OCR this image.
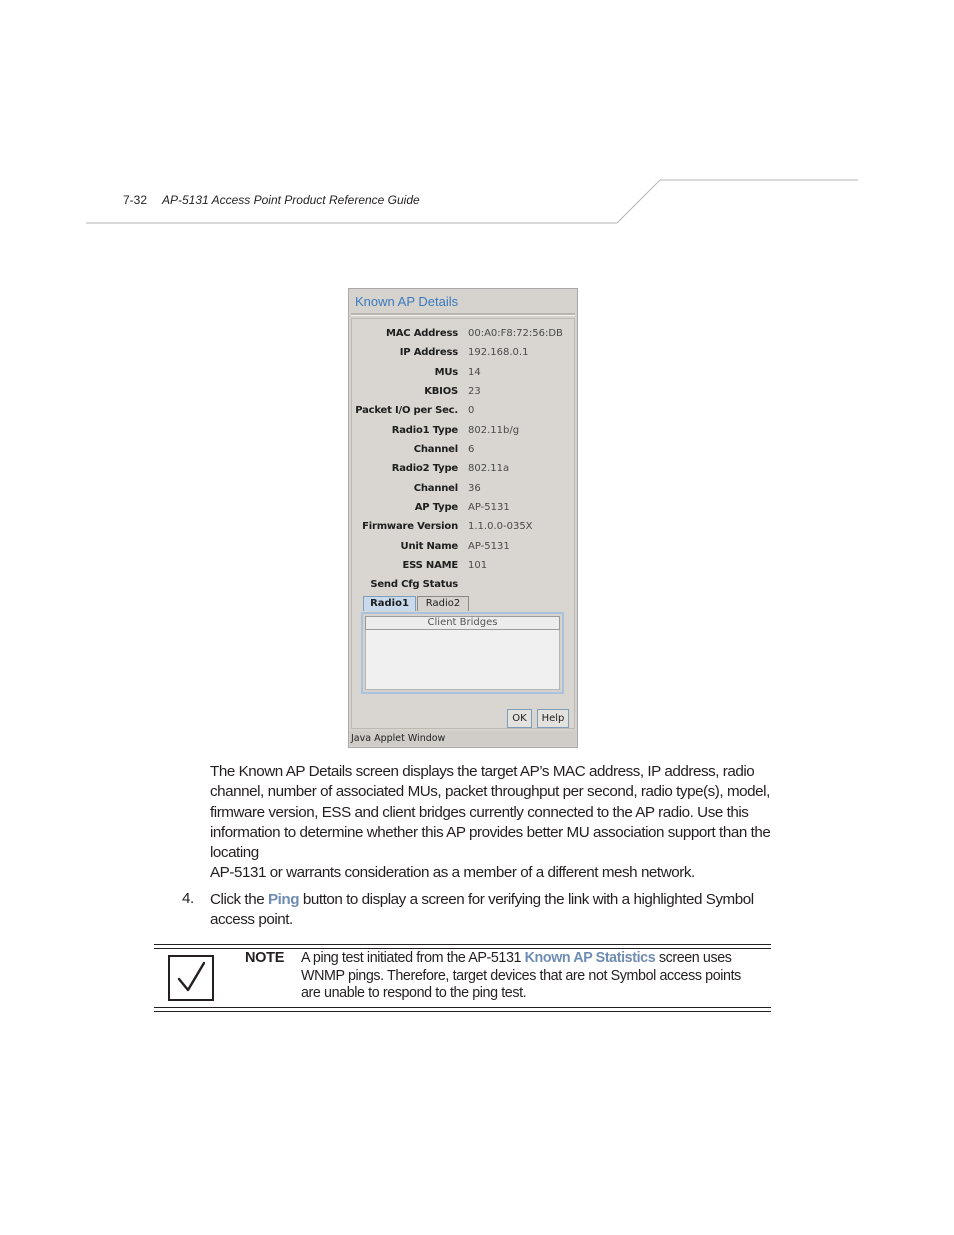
7-32 AP-5131 Access Point Product Reference Guide
Known AP Details
MAC Address 00:A0:F8:72:56:DB
IP Address 192.168.0.1
MUs 14
KBIOS 23
Packet I/O per Sec. 0
Radio1 Type 802.11b/g
Channel 6
Radio2 Type 802.11a
Channel 36
AP Type AP-5131
Firmware Version 1.1.0.0-035X
Unit Name AP-5131
ESS NAME 101
Send Cfg Status
Radio1	Radio2
Client Bridges
OK	Help
Java Applet Window
The Known AP Details screen displays the target AP’s MAC address, IP address, radio
channel, number of associated MUs, packet throughput per second, radio type(s), model,
firmware version, ESS and client bridges currently connected to the AP radio. Use this
information to determine whether this AP provides better MU association support than the
locating
AP-5131 or warrants consideration as a member of a different mesh network.
4. Click the Ping button to display a screen for verifying the link with a highlighted Symbol
access point.
NOTE A ping test initiated from the AP-5131 Known AP Statistics screen uses
WNMP pings. Therefore, target devices that are not Symbol access points
are unable to respond to the ping test.
